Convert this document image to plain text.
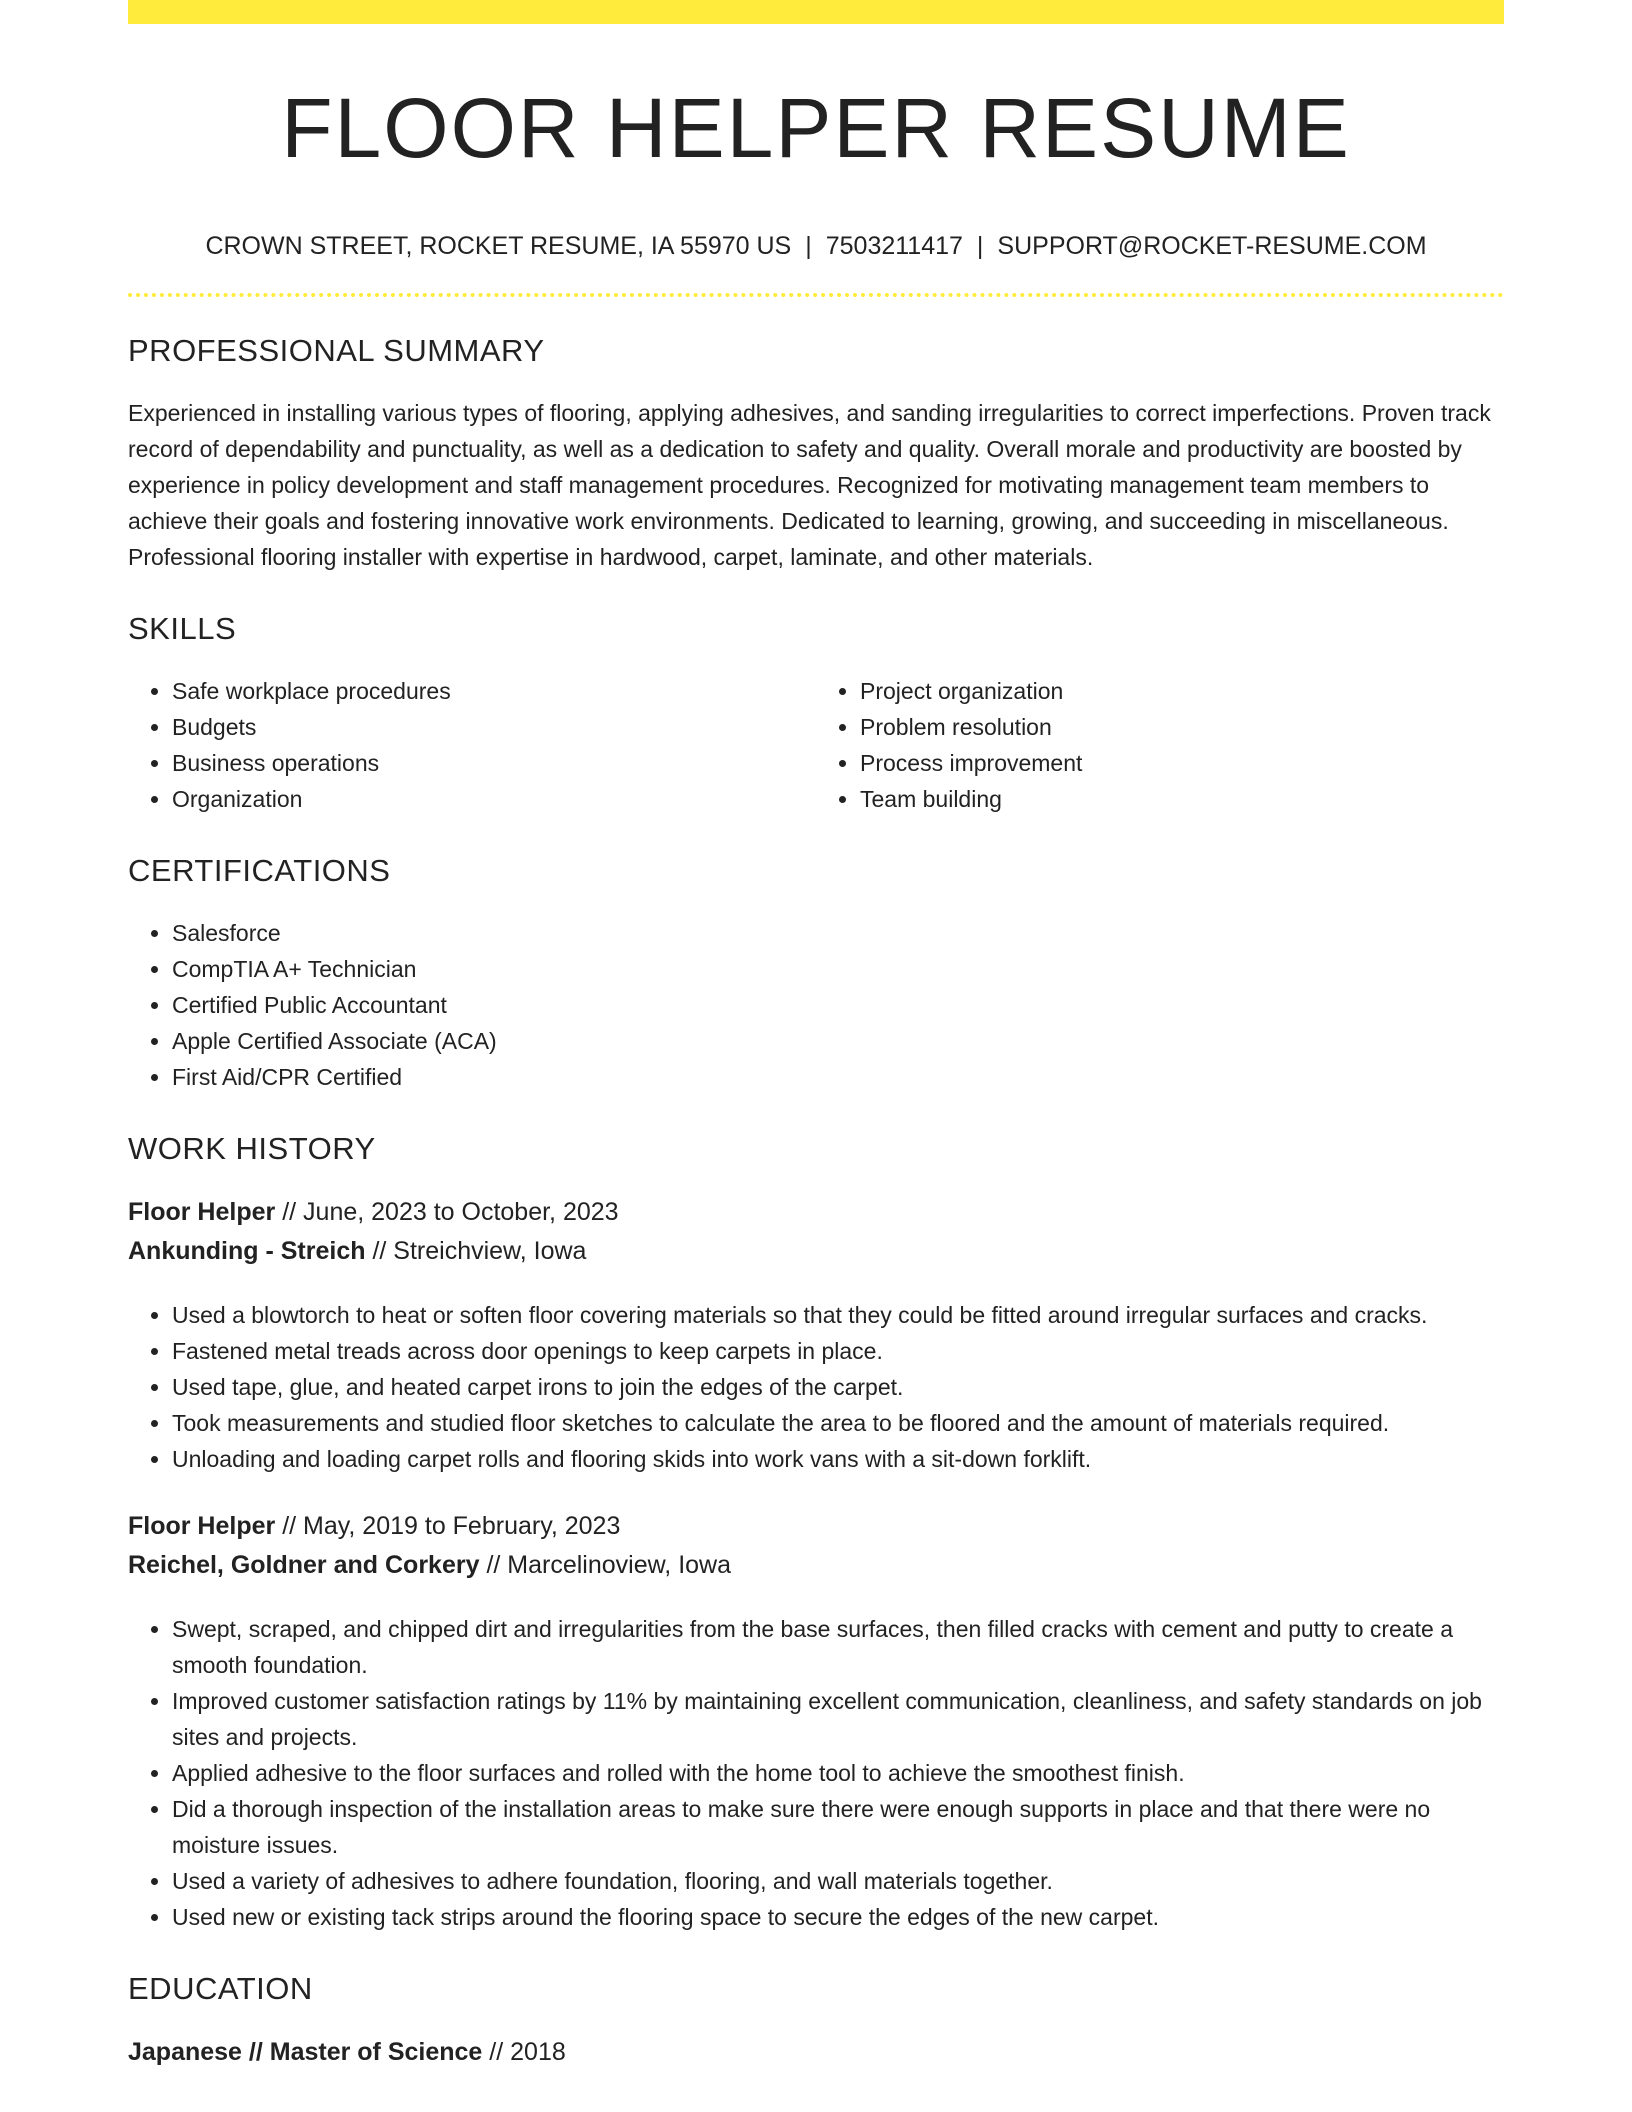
FLOOR HELPER RESUME
CROWN STREET, ROCKET RESUME, IA 55970 US | 7503211417 | SUPPORT@ROCKET-RESUME.COM
PROFESSIONAL SUMMARY

Experienced in installing various types of flooring, applying adhesives, and sanding irregularities to correct imperfections. Proven track record of dependability and punctuality, as well as a dedication to safety and quality. Overall morale and productivity are boosted by experience in policy development and staff management procedures. Recognized for motivating management team members to achieve their goals and fostering innovative work environments. Dedicated to learning, growing, and succeeding in miscellaneous. Professional flooring installer with expertise in hardwood, carpet, laminate, and other materials.

SKILLS
• Safe workplace procedures
• Budgets
• Business operations
• Organization
• Project organization
• Problem resolution
• Process improvement
• Team building
CERTIFICATIONS
• Salesforce
• CompTIA A+ Technician
• Certified Public Accountant
• Apple Certified Associate (ACA)
• First Aid/CPR Certified
WORK HISTORY
Floor Helper // June, 2023 to October, 2023
Ankunding - Streich // Streichview, Iowa
• Used a blowtorch to heat or soften floor covering materials so that they could be fitted around irregular surfaces and cracks.
• Fastened metal treads across door openings to keep carpets in place.
• Used tape, glue, and heated carpet irons to join the edges of the carpet.
• Took measurements and studied floor sketches to calculate the area to be floored and the amount of materials required.
• Unloading and loading carpet rolls and flooring skids into work vans with a sit-down forklift.
Floor Helper // May, 2019 to February, 2023
Reichel, Goldner and Corkery // Marcelinoview, Iowa
• Swept, scraped, and chipped dirt and irregularities from the base surfaces, then filled cracks with cement and putty to create a smooth foundation.
• Improved customer satisfaction ratings by 11% by maintaining excellent communication, cleanliness, and safety standards on job sites and projects.
• Applied adhesive to the floor surfaces and rolled with the home tool to achieve the smoothest finish.
• Did a thorough inspection of the installation areas to make sure there were enough supports in place and that there were no moisture issues.
• Used a variety of adhesives to adhere foundation, flooring, and wall materials together.
• Used new or existing tack strips around the flooring space to secure the edges of the new carpet.
EDUCATION
Japanese // Master of Science // 2018
